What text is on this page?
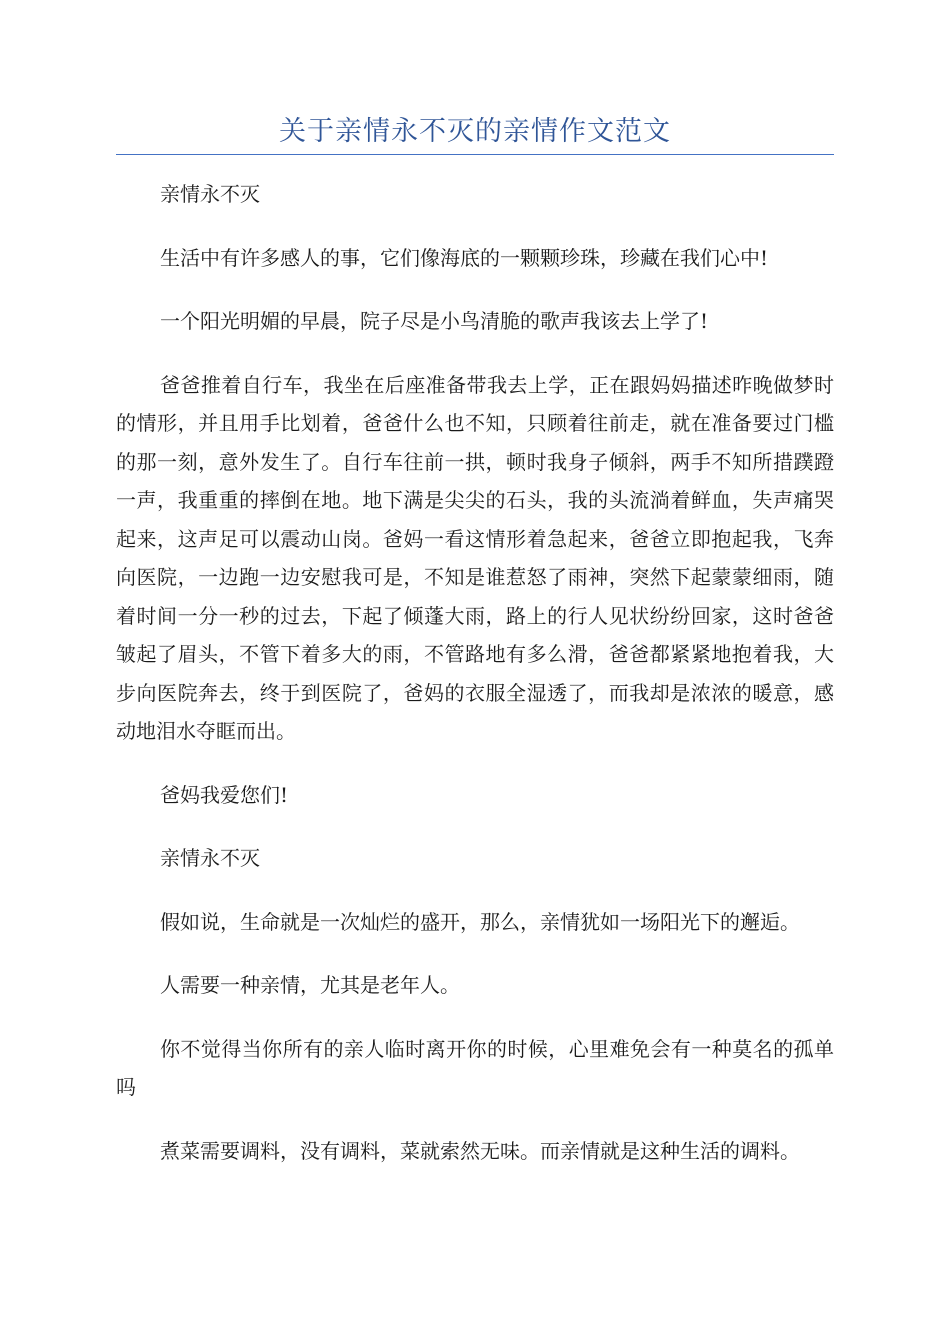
关于亲情永不灭的亲情作文范文

亲情永不灭

生活中有许多感人的事，它们像海底的一颗颗珍珠，珍藏在我们心中!

一个阳光明媚的早晨，院子尽是小鸟清脆的歌声我该去上学了!

爸爸推着自行车，我坐在后座准备带我去上学，正在跟妈妈描述昨晚做梦时的情形，并且用手比划着，爸爸什么也不知，只顾着往前走，就在准备要过门槛的那一刻，意外发生了。自行车往前一拱，顿时我身子倾斜，两手不知所措蹼蹬一声，我重重的摔倒在地。地下满是尖尖的石头，我的头流淌着鲜血，失声痛哭起来，这声足可以震动山岗。爸妈一看这情形着急起来，爸爸立即抱起我，飞奔向医院，一边跑一边安慰我可是，不知是谁惹怒了雨神，突然下起蒙蒙细雨，随着时间一分一秒的过去，下起了倾蓬大雨，路上的行人见状纷纷回家，这时爸爸皱起了眉头，不管下着多大的雨，不管路地有多么滑，爸爸都紧紧地抱着我，大步向医院奔去，终于到医院了，爸妈的衣服全湿透了，而我却是浓浓的暖意，感动地泪水夺眶而出。

爸妈我爱您们!

亲情永不灭

假如说，生命就是一次灿烂的盛开，那么，亲情犹如一场阳光下的邂逅。

人需要一种亲情，尤其是老年人。

你不觉得当你所有的亲人临时离开你的时候，心里难免会有一种莫名的孤单吗

煮菜需要调料，没有调料，菜就索然无味。而亲情就是这种生活的调料。
